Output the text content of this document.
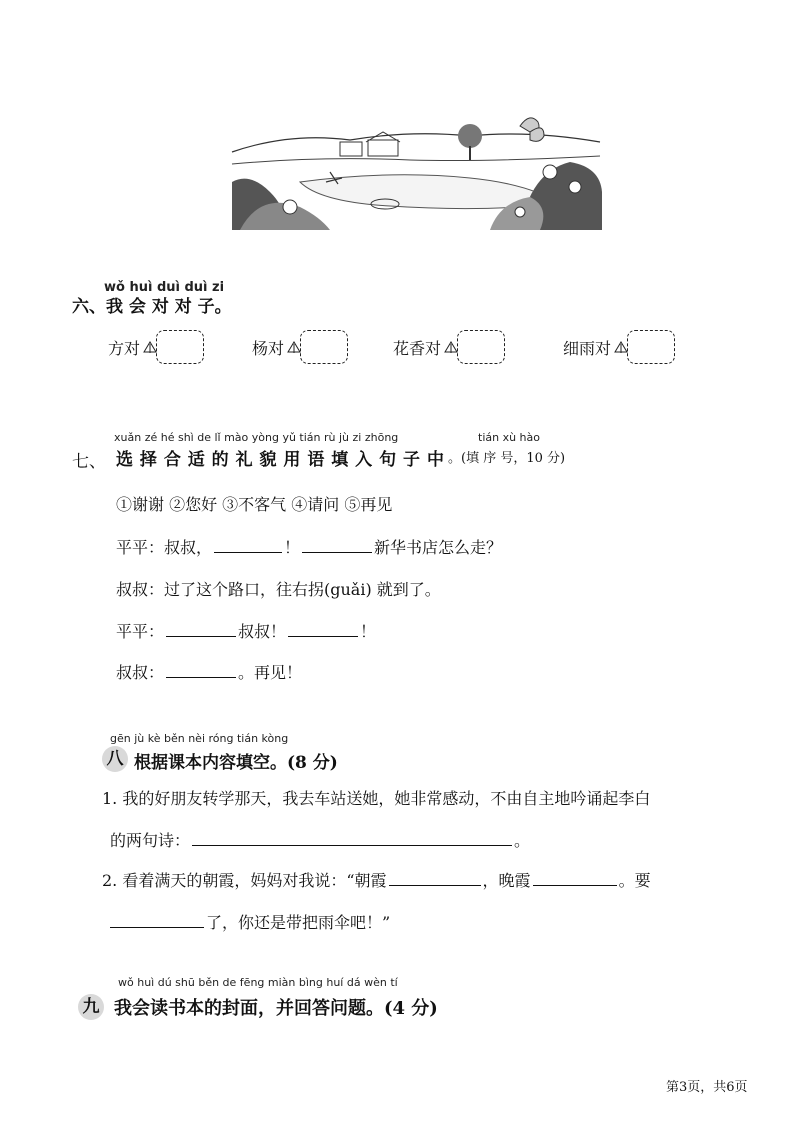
wǒ huì duì duì zi
六、我 会 对 对 子。
方对	杨对	花香对	细雨对
xuǎn zé hé shì de lǐ mào yòng yǔ tián rù jù zi zhōng	tián xù hào
七、 选 择 合 适 的 礼 貌 用 语 填 入 句 子 中 。(填 序 号，10 分)
①谢谢 ②您好 ③不客气 ④请问 ⑤再见
平平：叔叔，	！	新华书店怎么走？
叔叔：过了这个路口，往右拐(guǎi) 就到了。
平平：	叔叔！	！
叔叔：	。再见！
gēn jù kè běn nèi róng tián kòng
八 根据课本内容填空。(8 分)
1. 我的好朋友转学那天，我去车站送她，她非常感动，不由自主地吟诵起李白
的两句诗：	。
2. 看着满天的朝霞，妈妈对我说：“朝霞	，晚霞	。要
了，你还是带把雨伞吧！”
wǒ huì dú shū běn de fēng miàn bìng huí dá wèn tí
九 我会读书本的封面，并回答问题。(4 分)
第3页，共6页
